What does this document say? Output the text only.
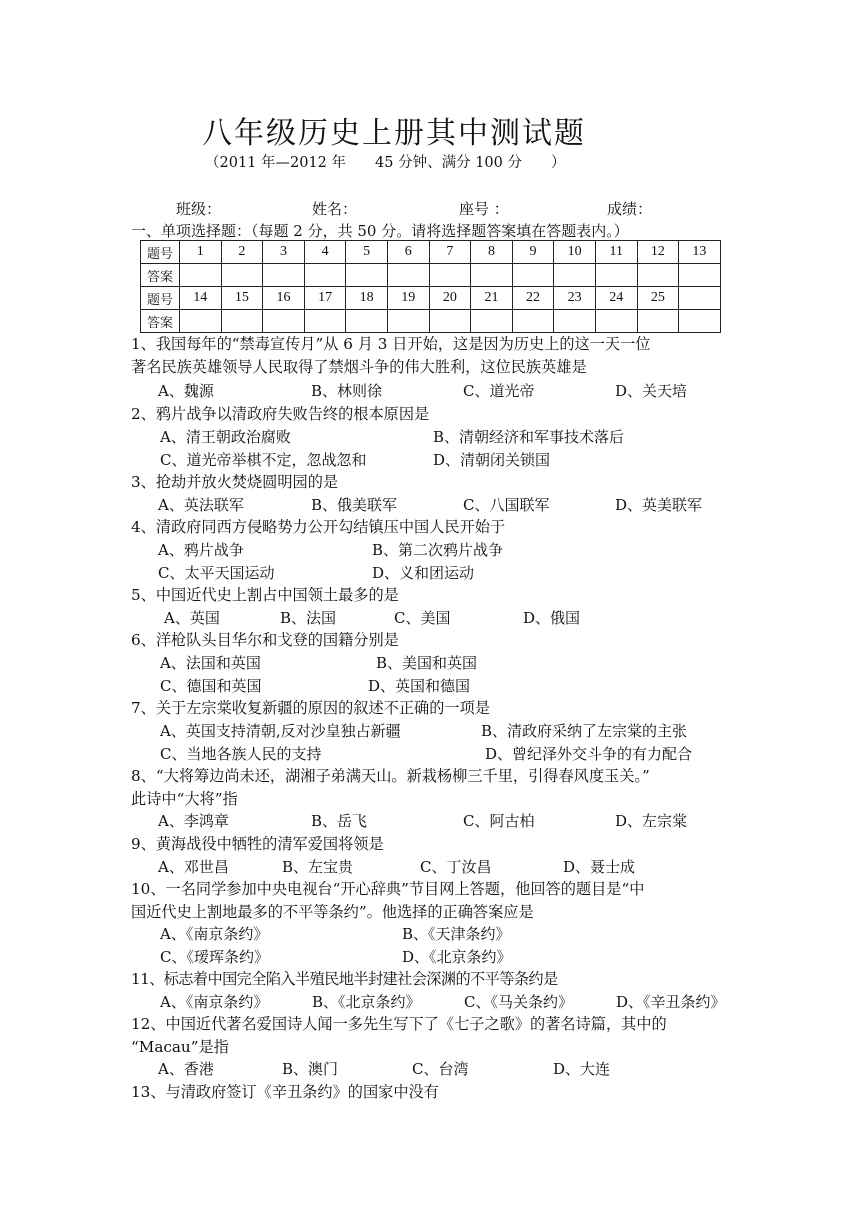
八年级历史上册其中测试题
（2011 年—2012 年　　45 分钟、满分 100 分　　）
班级：	姓名：	座号 ：	成绩：
一、单项选择题：（每题 2 分，共 50 分。请将选择题答案填在答题表内。）
题号	1	2	3	4	5	6	7	8	9	10	11	12	13
答案													
题号	14	15	16	17	18	19	20	21	22	23	24	25	
答案													
1、我国每年的“禁毒宣传月”从 6 月 3 日开始，这是因为历史上的这一天一位
著名民族英雄领导人民取得了禁烟斗争的伟大胜利，这位民族英雄是
A、魏源	B、林则徐	C、道光帝	D、关天培
2、鸦片战争以清政府失败告终的根本原因是
A、清王朝政治腐败	B、清朝经济和军事技术落后
C、道光帝举棋不定，忽战忽和	D、清朝闭关锁国
3、抢劫并放火焚烧圆明园的是
A、英法联军	B、俄美联军	C、八国联军	D、英美联军
4、清政府同西方侵略势力公开勾结镇压中国人民开始于
A、鸦片战争	B、第二次鸦片战争
C、太平天国运动	D、义和团运动
5、中国近代史上割占中国领土最多的是
A、英国	B、法国	C、美国	D、俄国
6、洋枪队头目华尔和戈登的国籍分别是
A、法国和英国	B、美国和英国
C、德国和英国	D、英国和德国
7、关于左宗棠收复新疆的原因的叙述不正确的一项是
A、英国支持清朝,反对沙皇独占新疆	B、清政府采纳了左宗棠的主张
C、当地各族人民的支持	D、曾纪泽外交斗争的有力配合
8、“大将筹边尚未还，湖湘子弟满天山。新栽杨柳三千里，引得春风度玉关。”
此诗中“大将”指
A、李鸿章	B、岳飞	C、阿古柏	D、左宗棠
9、黄海战役中牺牲的清军爱国将领是
A、邓世昌	B、左宝贵	C、丁汝昌	D、聂士成
10、一名同学参加中央电视台“开心辞典”节目网上答题，他回答的题目是“中
国近代史上割地最多的不平等条约”。他选择的正确答案应是
A、《南京条约》	B、《天津条约》
C、《瑷珲条约》	D、《北京条约》
11、标志着中国完全陷入半殖民地半封建社会深渊的不平等条约是
A、《南京条约》	B、《北京条约》	C、《马关条约》	D、《辛丑条约》
12、中国近代著名爱国诗人闻一多先生写下了《七子之歌》的著名诗篇，其中的
“Macau”是指
A、香港	B、澳门	C、台湾	D、大连
13、与清政府签订《辛丑条约》的国家中没有
